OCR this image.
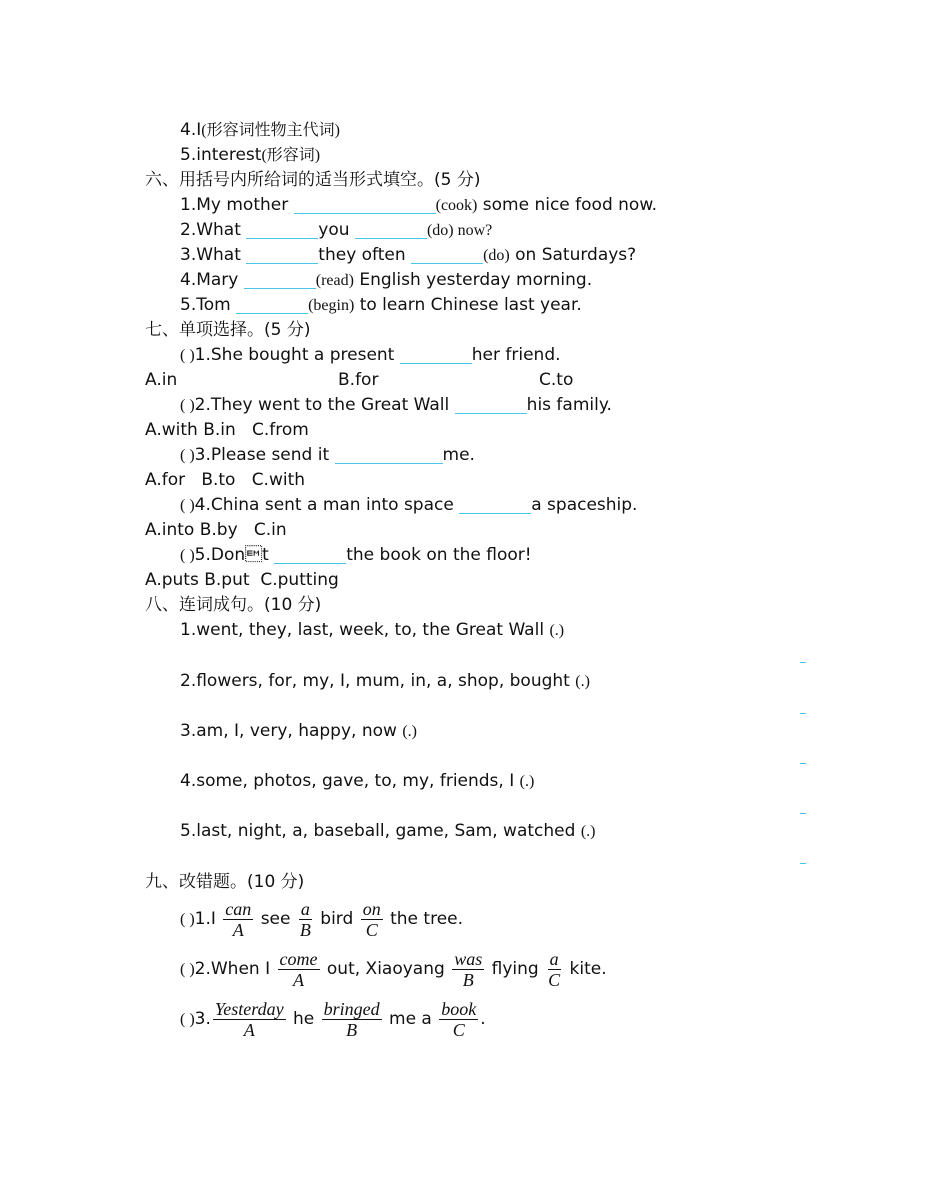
4.I(形容词性物主代词)
5.interest(形容词)
六、用括号内所给词的适当形式填空。(5 分)
1.My mother	(cook) some nice food now.
2.What	you	(do) now?
3.What	they often	(do) on Saturdays?
4.Mary	(read) English yesterday morning.
5.Tom	(begin) to learn Chinese last year.
七、单项选择。(5 分)
( )1.She bought a present	her friend.
A.in	B.for	C.to
( )2.They went to the Great Wall	his family.
A.with B.in C.from
( )3.Please send it	me.
A.for B.to C.with
( )4.China sent a man into space	a spaceship.
A.into B.by C.in
( )5.Dont	the book on the floor!
A.puts B.put C.putting
八、连词成句。(10 分)
1.went, they, last, week, to, the Great Wall (.)
2.flowers, for, my, I, mum, in, a, shop, bought (.)
3.am, I, very, happy, now (.)
4.some, photos, gave, to, my, friends, I (.)
5.last, night, a, baseball, game, Sam, watched (.)
九、改错题。(10 分)
( )$1.I \frac{\text{can}}{A}$ see $\frac{a}{B}$ bird $\frac{on}{C}$ the tree.
( )2.When I $\frac{\text{come}}{A}$ out, Xiaoyang $\frac{\text{was}}{B}$ flying $\frac{a}{C}$ kite.
( )3. $\frac{\text{Yesterday}}{A}$ he $\frac{\text{bringed}}{B}$ me a $\frac{\text{book}}{C}$ .
